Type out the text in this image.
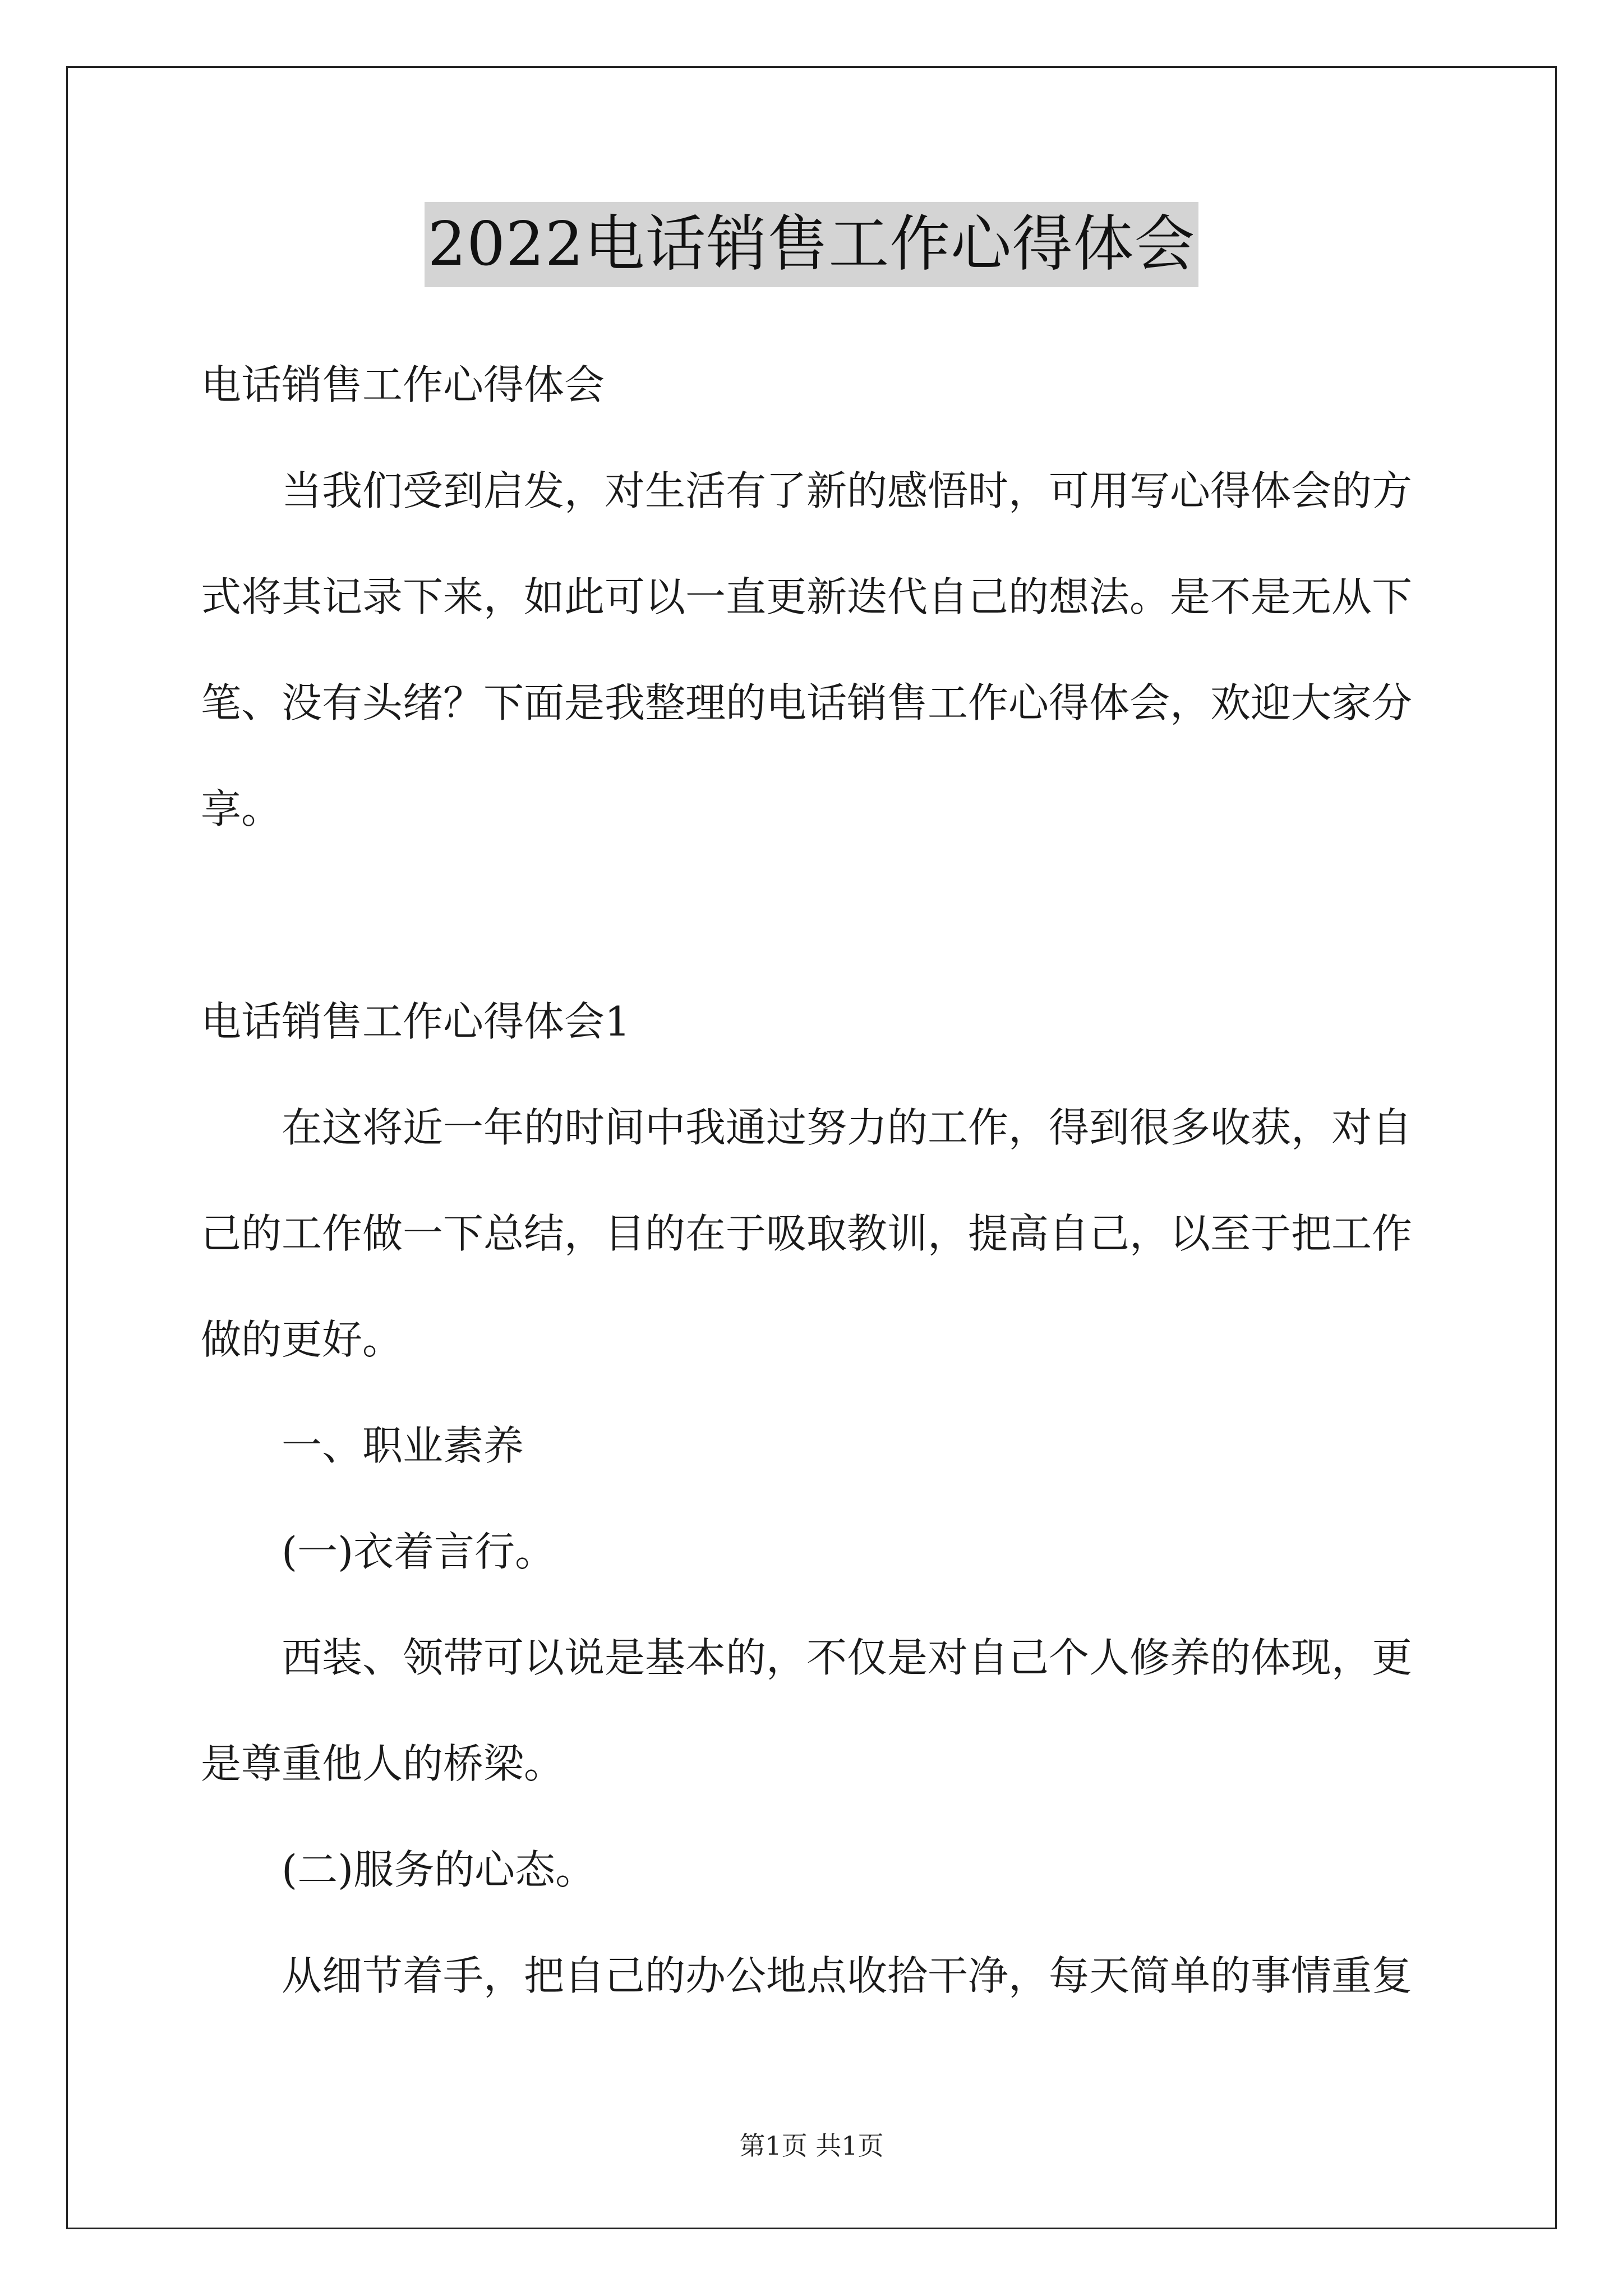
2022电话销售工作心得体会
电话销售工作心得体会
当我们受到启发，对生活有了新的感悟时，可用写心得体会的方
式将其记录下来，如此可以一直更新迭代自己的想法。是不是无从下
笔、没有头绪？下面是我整理的电话销售工作心得体会，欢迎大家分
享。
电话销售工作心得体会1
在这将近一年的时间中我通过努力的工作，得到很多收获，对自
己的工作做一下总结，目的在于吸取教训，提高自己，以至于把工作
做的更好。
一、职业素养
(一)衣着言行。
西装、领带可以说是基本的，不仅是对自己个人修养的体现，更
是尊重他人的桥梁。
(二)服务的心态。
从细节着手，把自己的办公地点收拾干净，每天简单的事情重复
第1页 共1页
